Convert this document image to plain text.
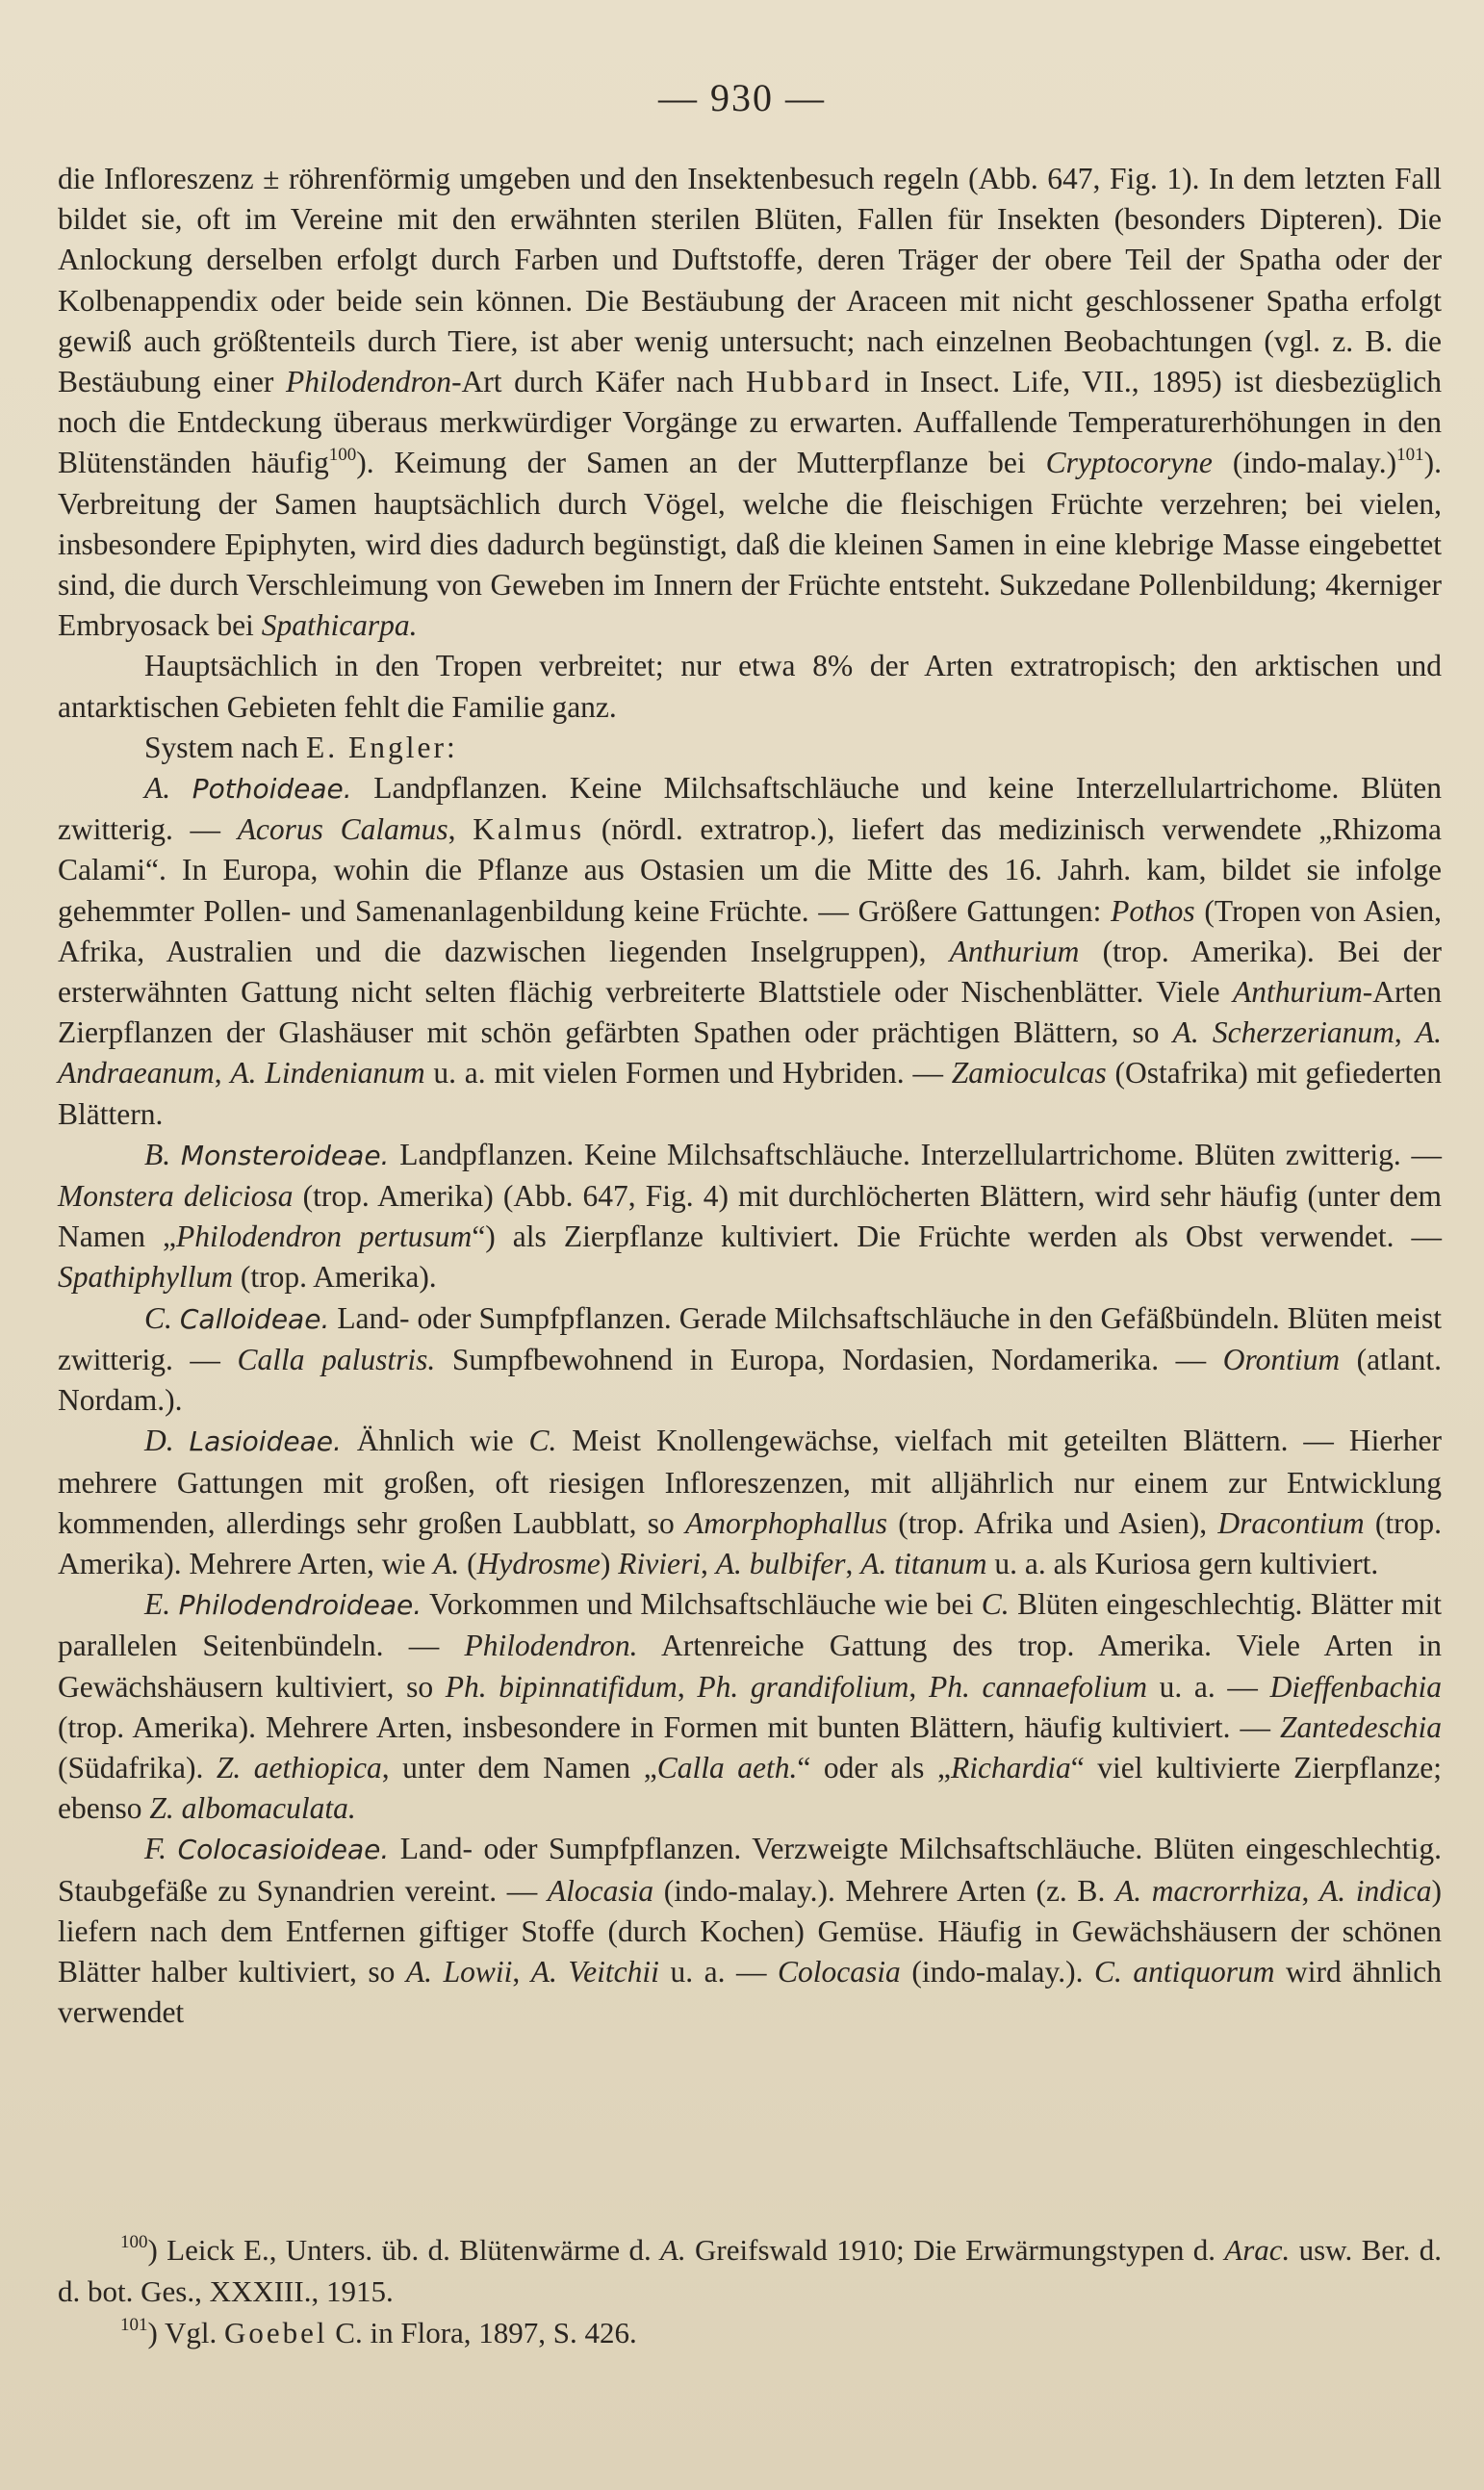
— 930 —

die Infloreszenz ± röhrenförmig umgeben und den Insektenbesuch regeln (Abb. 647, Fig. 1). In dem letzten Fall bildet sie, oft im Vereine mit den erwähnten sterilen Blüten, Fallen für Insekten (besonders Dipteren). Die Anlockung derselben erfolgt durch Farben und Duftstoffe, deren Träger der obere Teil der Spatha oder der Kolbenappendix oder beide sein können. Die Bestäubung der Araceen mit nicht geschlossener Spatha erfolgt gewiß auch größtenteils durch Tiere, ist aber wenig untersucht; nach einzelnen Beobachtungen (vgl. z. B. die Bestäubung einer Philodendron-Art durch Käfer nach Hubbard in Insect. Life, VII., 1895) ist diesbezüglich noch die Entdeckung überaus merkwürdiger Vorgänge zu erwarten. Auffallende Temperaturerhöhungen in den Blütenständen häufig$^{100}$). Keimung der Samen an der Mutterpflanze bei Cryptocoryne (indo-malay.)$^{101}$). Verbreitung der Samen hauptsächlich durch Vögel, welche die fleischigen Früchte verzehren; bei vielen, insbesondere Epiphyten, wird dies dadurch begünstigt, daß die kleinen Samen in eine klebrige Masse eingebettet sind, die durch Verschleimung von Geweben im Innern der Früchte entsteht. Sukzedane Pollenbildung; 4kerniger Embryosack bei Spathicarpa.

Hauptsächlich in den Tropen verbreitet; nur etwa 8% der Arten extratropisch; den arktischen und antarktischen Gebieten fehlt die Familie ganz.

System nach E. Engler:

A. Pothoideae. Landpflanzen. Keine Milchsaftschläuche und keine Interzellulartrichome. Blüten zwitterig. — Acorus Calamus, Kalmus (nördl. extratrop.), liefert das medizinisch verwendete „Rhizoma Calami“. In Europa, wohin die Pflanze aus Ostasien um die Mitte des 16. Jahrh. kam, bildet sie infolge gehemmter Pollen- und Samenanlagenbildung keine Früchte. — Größere Gattungen: Pothos (Tropen von Asien, Afrika, Australien und die dazwischen liegenden Inselgruppen), Anthurium (trop. Amerika). Bei der ersterwähnten Gattung nicht selten flächig verbreiterte Blattstiele oder Nischenblätter. Viele Anthurium-Arten Zierpflanzen der Glashäuser mit schön gefärbten Spathen oder prächtigen Blättern, so A. Scherzerianum, A. Andraeanum, A. Lindenianum u. a. mit vielen Formen und Hybriden. — Zamioculcas (Ostafrika) mit gefiederten Blättern.

B. Monsteroideae. Landpflanzen. Keine Milchsaftschläuche. Interzellulartrichome. Blüten zwitterig. — Monstera deliciosa (trop. Amerika) (Abb. 647, Fig. 4) mit durchlöcherten Blättern, wird sehr häufig (unter dem Namen „Philodendron pertusum“) als Zierpflanze kultiviert. Die Früchte werden als Obst verwendet. — Spathiphyllum (trop. Amerika).

C. Calloideae. Land- oder Sumpfpflanzen. Gerade Milchsaftschläuche in den Gefäßbündeln. Blüten meist zwitterig. — Calla palustris. Sumpfbewohnend in Europa, Nordasien, Nordamerika. — Orontium (atlant. Nordam.).

D. Lasioideae. Ähnlich wie C. Meist Knollengewächse, vielfach mit geteilten Blättern. — Hierher mehrere Gattungen mit großen, oft riesigen Infloreszenzen, mit alljährlich nur einem zur Entwicklung kommenden, allerdings sehr großen Laubblatt, so Amorphophallus (trop. Afrika und Asien), Dracontium (trop. Amerika). Mehrere Arten, wie A. (Hydrosme) Rivieri, A. bulbifer, A. titanum u. a. als Kuriosa gern kultiviert.

E. Philodendroideae. Vorkommen und Milchsaftschläuche wie bei C. Blüten eingeschlechtig. Blätter mit parallelen Seitenbündeln. — Philodendron. Artenreiche Gattung des trop. Amerika. Viele Arten in Gewächshäusern kultiviert, so Ph. bipinnatifidum, Ph. grandifolium, Ph. cannaefolium u. a. — Dieffenbachia (trop. Amerika). Mehrere Arten, insbesondere in Formen mit bunten Blättern, häufig kultiviert. — Zantedeschia (Südafrika). Z. aethiopica, unter dem Namen „Calla aeth.“ oder als „Richardia“ viel kultivierte Zierpflanze; ebenso Z. albomaculata.

F. Colocasioideae. Land- oder Sumpfpflanzen. Verzweigte Milchsaftschläuche. Blüten eingeschlechtig. Staubgefäße zu Synandrien vereint. — Alocasia (indo-malay.). Mehrere Arten (z. B. A. macrorrhiza, A. indica) liefern nach dem Entfernen giftiger Stoffe (durch Kochen) Gemüse. Häufig in Gewächshäusern der schönen Blätter halber kultiviert, so A. Lowii, A. Veitchii u. a. — Colocasia (indo-malay.). C. antiquorum wird ähnlich verwendet

$^{100}$) Leick E., Unters. üb. d. Blütenwärme d. A. Greifswald 1910; Die Erwärmungstypen d. Arac. usw. Ber. d. d. bot. Ges., XXXIII., 1915.

$^{101}$) Vgl. Goebel C. in Flora, 1897, S. 426.
